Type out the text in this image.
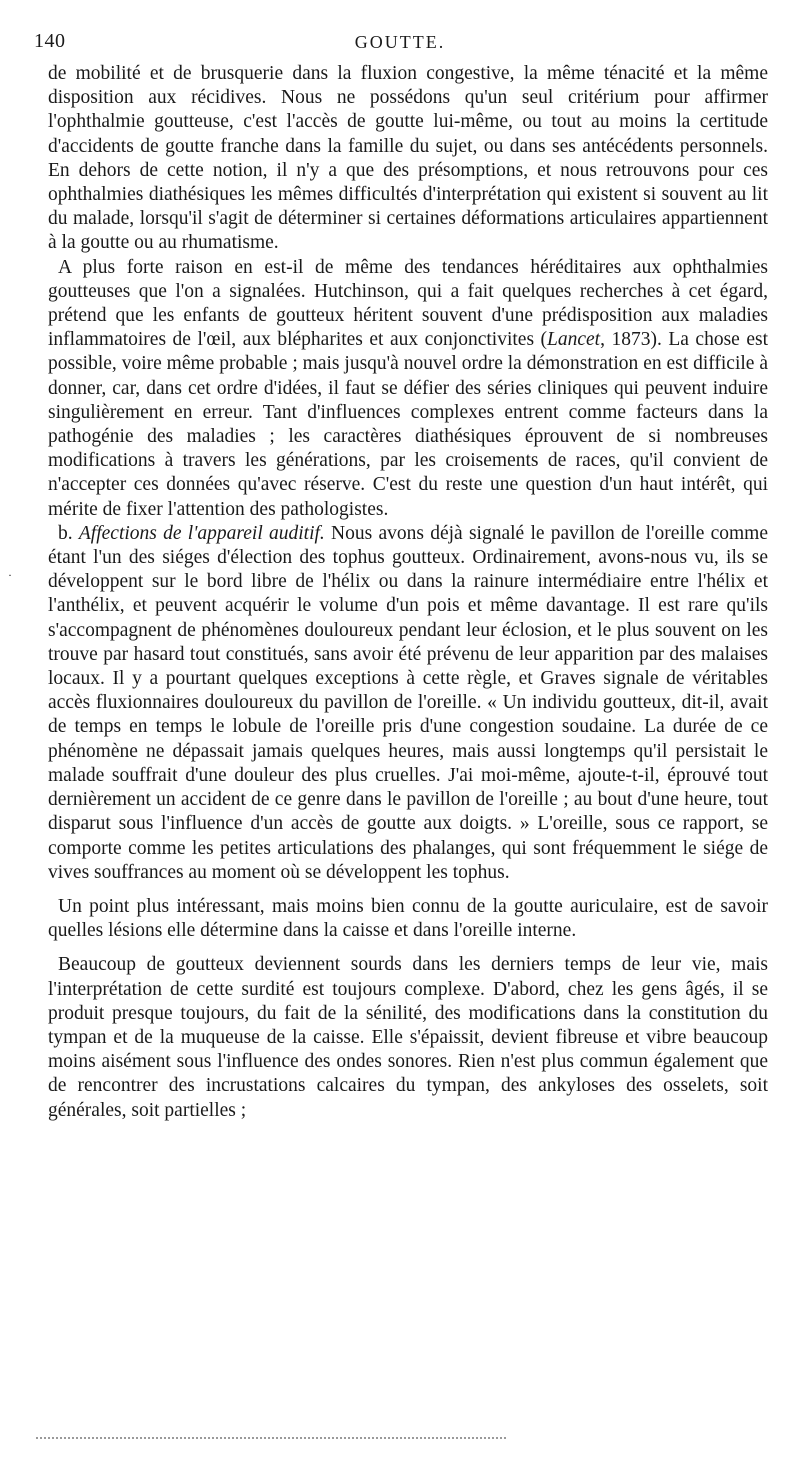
140	GOUTTE.
·

de mobilité et de brusquerie dans la fluxion congestive, la même ténacité et la même disposition aux récidives. Nous ne possédons qu'un seul critérium pour affirmer l'ophthalmie goutteuse, c'est l'accès de goutte lui-même, ou tout au moins la certitude d'accidents de goutte franche dans la famille du sujet, ou dans ses antécédents personnels. En dehors de cette notion, il n'y a que des présomptions, et nous retrouvons pour ces ophthalmies diathésiques les mêmes difficultés d'interprétation qui existent si souvent au lit du malade, lorsqu'il s'agit de déterminer si certaines déformations articulaires appartiennent à la goutte ou au rhumatisme.

A plus forte raison en est-il de même des tendances héréditaires aux ophthalmies goutteuses que l'on a signalées. Hutchinson, qui a fait quelques recherches à cet égard, prétend que les enfants de goutteux héritent souvent d'une prédisposition aux maladies inflammatoires de l'œil, aux blépharites et aux conjonctivites (Lancet, 1873). La chose est possible, voire même probable ; mais jusqu'à nouvel ordre la démonstration en est difficile à donner, car, dans cet ordre d'idées, il faut se défier des séries cliniques qui peuvent induire singulièrement en erreur. Tant d'influences complexes entrent comme facteurs dans la pathogénie des maladies ; les caractères diathésiques éprouvent de si nombreuses modifications à travers les générations, par les croisements de races, qu'il convient de n'accepter ces données qu'avec réserve. C'est du reste une question d'un haut intérêt, qui mérite de fixer l'attention des pathologistes.

b. Affections de l'appareil auditif. Nous avons déjà signalé le pavillon de l'oreille comme étant l'un des siéges d'élection des tophus goutteux. Ordinairement, avons-nous vu, ils se développent sur le bord libre de l'hélix ou dans la rainure intermédiaire entre l'hélix et l'anthélix, et peuvent acquérir le volume d'un pois et même davantage. Il est rare qu'ils s'accompagnent de phénomènes douloureux pendant leur éclosion, et le plus souvent on les trouve par hasard tout constitués, sans avoir été prévenu de leur apparition par des malaises locaux. Il y a pourtant quelques exceptions à cette règle, et Graves signale de véritables accès fluxionnaires douloureux du pavillon de l'oreille. « Un individu goutteux, dit-il, avait de temps en temps le lobule de l'oreille pris d'une congestion soudaine. La durée de ce phénomène ne dépassait jamais quelques heures, mais aussi longtemps qu'il persistait le malade souffrait d'une douleur des plus cruelles. J'ai moi-même, ajoute-t-il, éprouvé tout dernièrement un accident de ce genre dans le pavillon de l'oreille ; au bout d'une heure, tout disparut sous l'influence d'un accès de goutte aux doigts. » L'oreille, sous ce rapport, se comporte comme les petites articulations des phalanges, qui sont fréquemment le siége de vives souffrances au moment où se développent les tophus.

Un point plus intéressant, mais moins bien connu de la goutte auriculaire, est de savoir quelles lésions elle détermine dans la caisse et dans l'oreille interne.

Beaucoup de goutteux deviennent sourds dans les derniers temps de leur vie, mais l'interprétation de cette surdité est toujours complexe. D'abord, chez les gens âgés, il se produit presque toujours, du fait de la sénilité, des modifications dans la constitution du tympan et de la muqueuse de la caisse. Elle s'épaissit, devient fibreuse et vibre beaucoup moins aisément sous l'influence des ondes sonores. Rien n'est plus commun également que de rencontrer des incrustations calcaires du tympan, des ankyloses des osselets, soit générales, soit partielles ;
